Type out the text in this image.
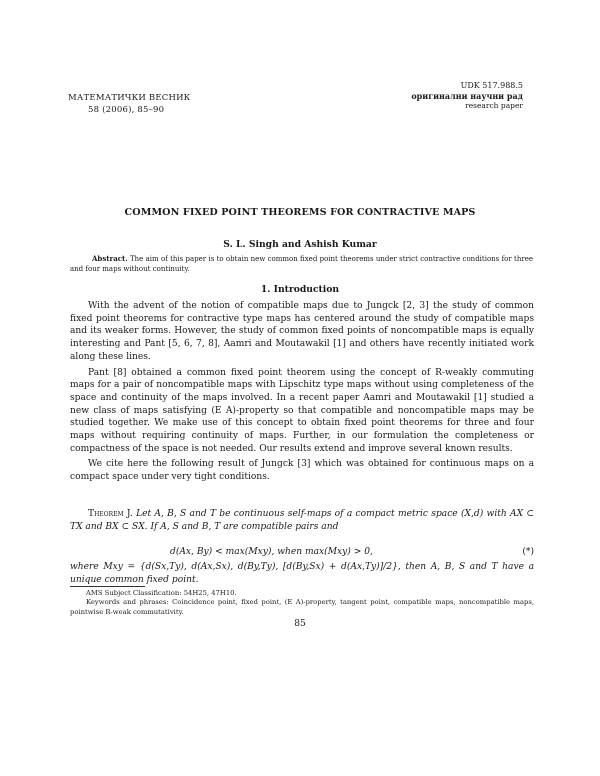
МАТЕМАТИЧКИ ВЕСНИК
58 (2006), 85–90
UDK 517.988.5
оригинални научни рад
research paper
COMMON FIXED POINT THEOREMS FOR CONTRACTIVE MAPS
S. L. Singh and Ashish Kumar
Abstract. The aim of this paper is to obtain new common fixed point theorems under strict contractive conditions for three and four maps without continuity.
1. Introduction

With the advent of the notion of compatible maps due to Jungck [2, 3] the study of common fixed point theorems for contractive type maps has centered around the study of compatible maps and its weaker forms. However, the study of common fixed points of noncompatible maps is equally interesting and Pant [5, 6, 7, 8], Aamri and Moutawakil [1] and others have recently initiated work along these lines.

Pant [8] obtained a common fixed point theorem using the concept of R-weakly commuting maps for a pair of noncompatible maps with Lipschitz type maps without using completeness of the space and continuity of the maps involved. In a recent paper Aamri and Moutawakil [1] studied a new class of maps satisfying (E A)-property so that compatible and noncompatible maps may be studied together. We make use of this concept to obtain fixed point theorems for three and four maps without requiring continuity of maps. Further, in our formulation the completeness or compactness of the space is not needed. Our results extend and improve several known results.

We cite here the following result of Jungck [3] which was obtained for continuous maps on a compact space under very tight conditions.

Theorem J. Let A, B, S and T be continuous self-maps of a compact metric space (X,d) with AX ⊂ TX and BX ⊂ SX. If A, S and B, T are compatible pairs and
d(Ax, By) < max(Mxy), when max(Mxy) > 0,	(*)
where Mxy = {d(Sx,Ty), d(Ax,Sx), d(By,Ty), [d(By,Sx) + d(Ax,Ty)]/2}, then A, B, S and T have a unique common fixed point.
AMS Subject Classification: 54H25, 47H10.
Keywords and phrases: Coincidence point, fixed point, (E A)-property, tangent point, compatible maps, noncompatible maps, pointwise R-weak commutativity.
85
